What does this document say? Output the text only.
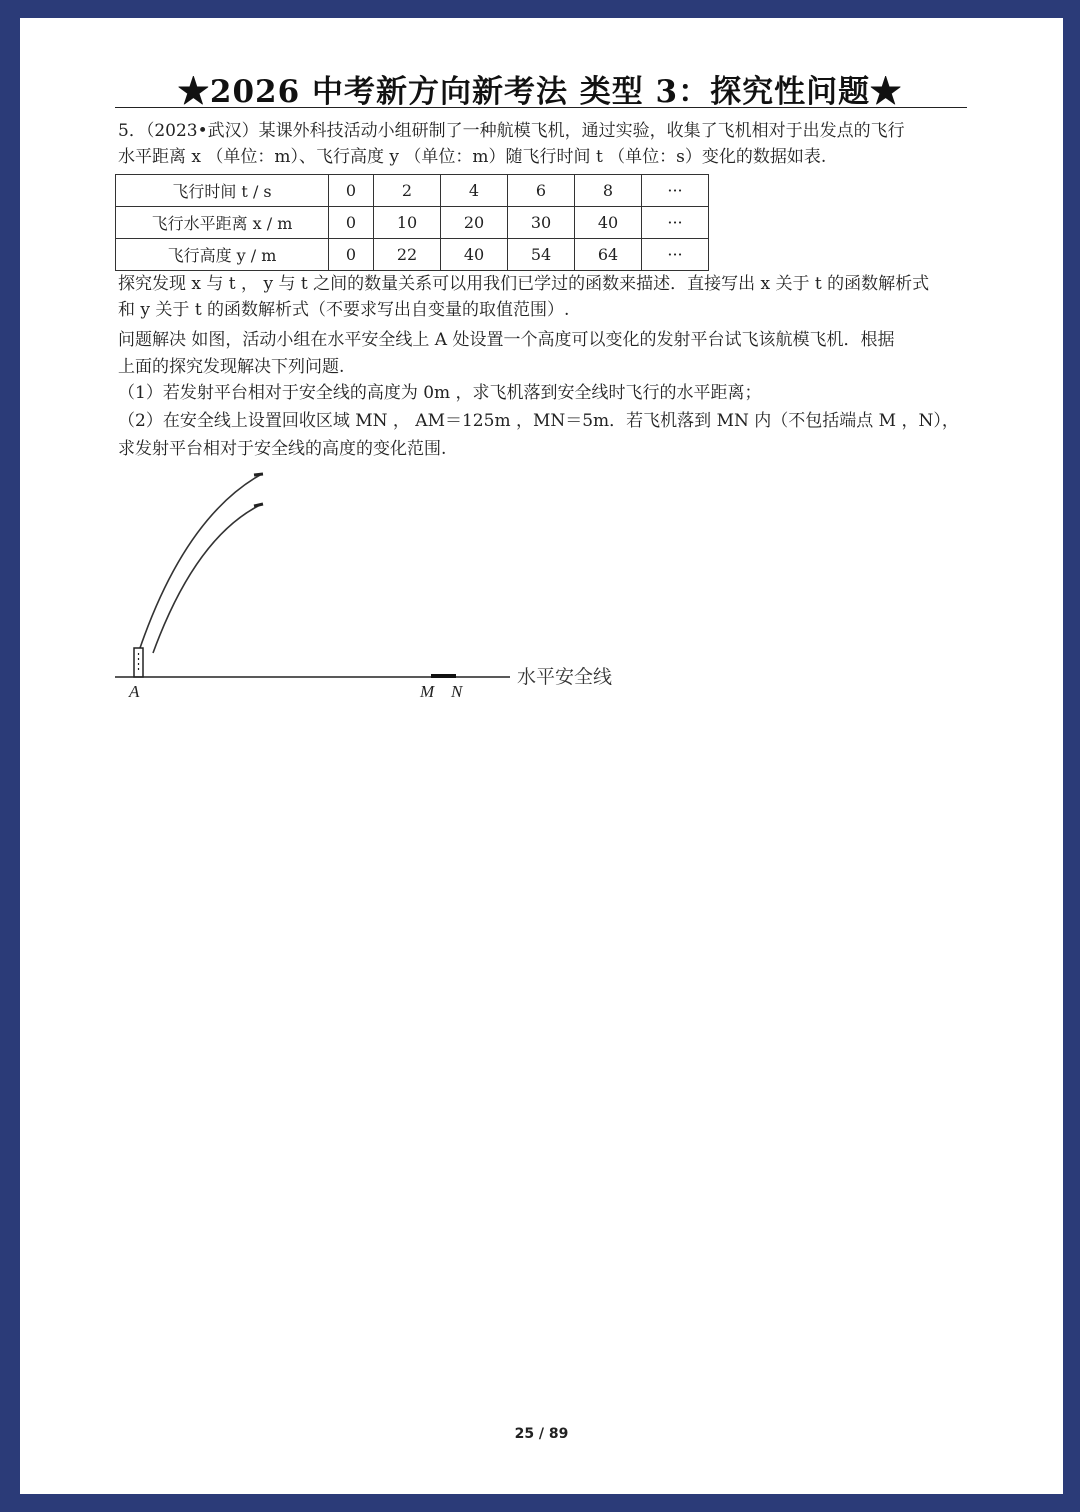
★2026 中考新方向新考法 类型 3：探究性问题★
5．（2023•武汉）某课外科技活动小组研制了一种航模飞机，通过实验，收集了飞机相对于出发点的飞行
水平距离 x （单位：m）、飞行高度 y （单位：m）随飞行时间 t （单位：s）变化的数据如表.
飞行时间 t / s	0	2	4	6	8	···
飞行水平距离 x / m	0	10	20	30	40	···
飞行高度 y / m	0	22	40	54	64	···
探究发现 x 与 t ， y 与 t 之间的数量关系可以用我们已学过的函数来描述．直接写出 x 关于 t 的函数解析式
和 y 关于 t 的函数解析式（不要求写出自变量的取值范围）.
问题解决 如图，活动小组在水平安全线上 A 处设置一个高度可以变化的发射平台试飞该航模飞机．根据
上面的探究发现解决下列问题.
（1）若发射平台相对于安全线的高度为 0m ，求飞机落到安全线时飞行的水平距离；
（2）在安全线上设置回收区域 MN ， AM＝125m ，MN＝5m．若飞机落到 MN 内（不包括端点 M ，N），
求发射平台相对于安全线的高度的变化范围.
A	M N
水平安全线
25 / 89
